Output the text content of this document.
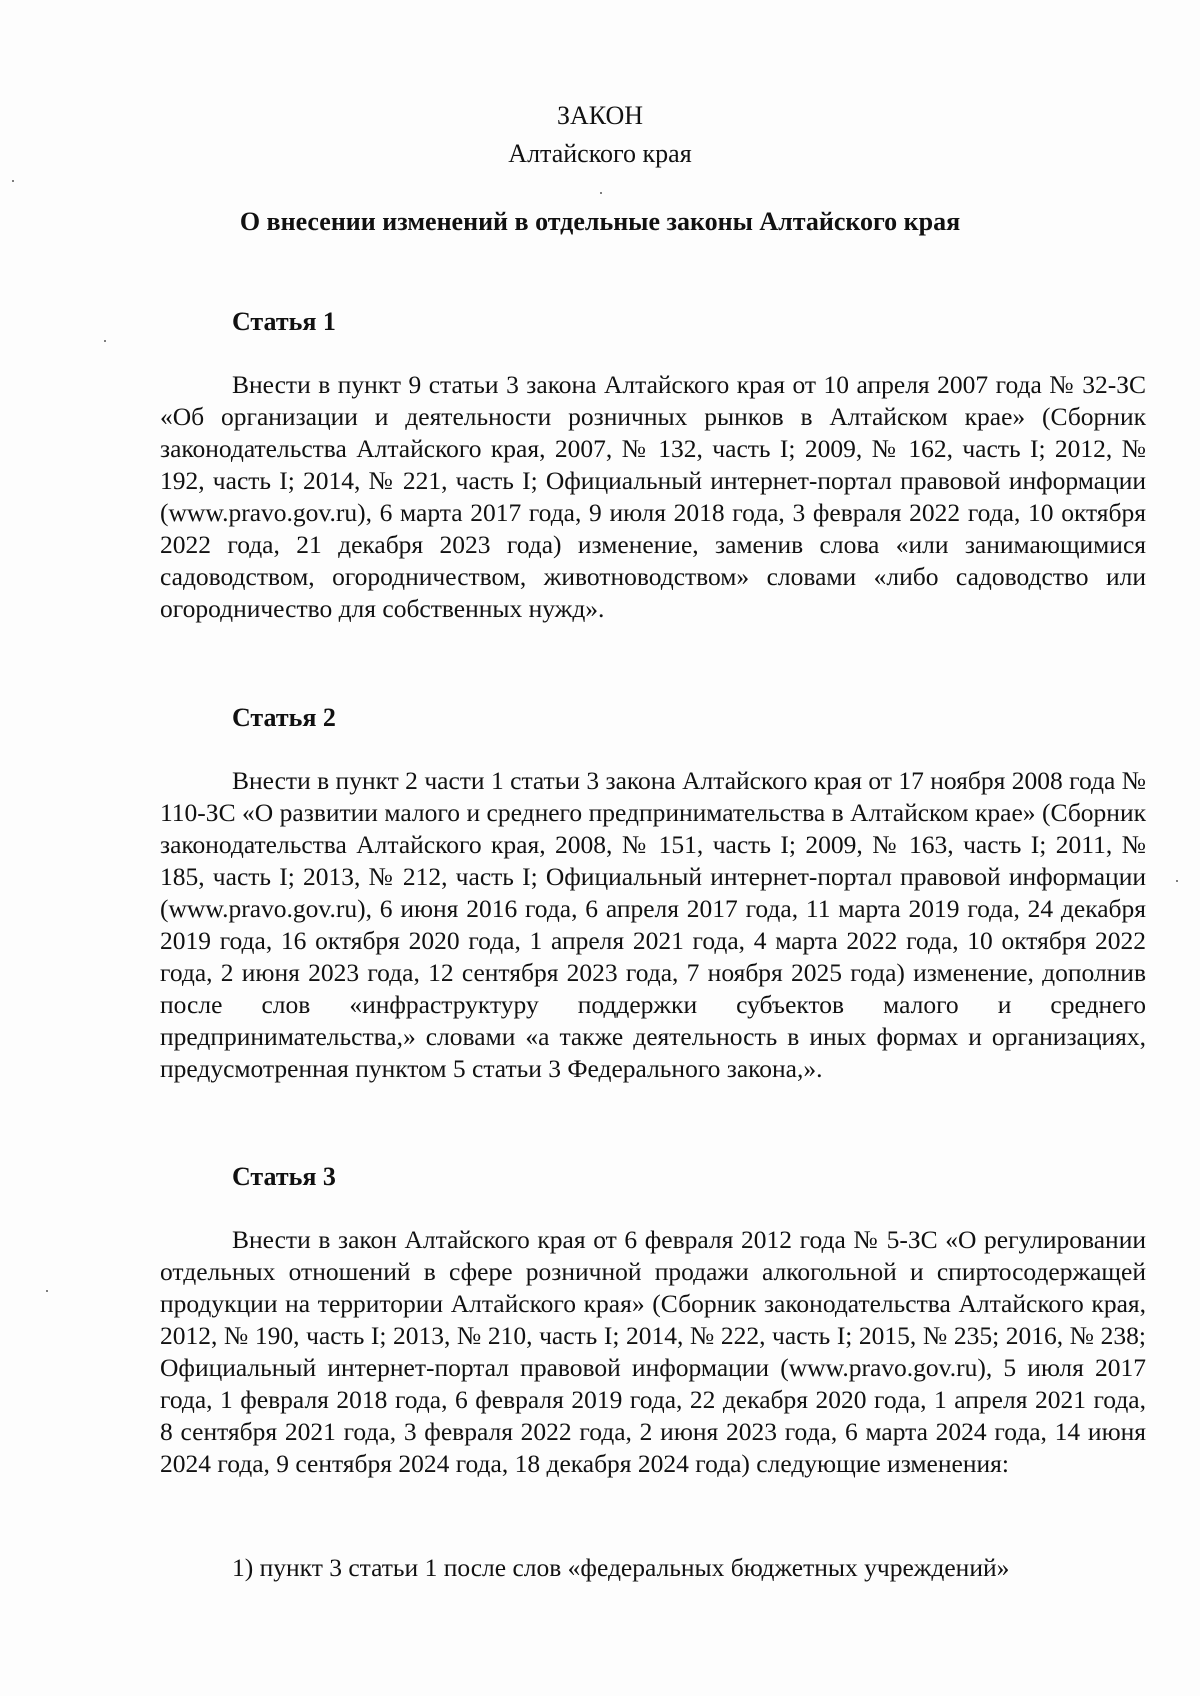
ЗАКОН
Алтайского края
О внесении изменений в отдельные законы Алтайского края
Статья 1

Внести в пункт 9 статьи 3 закона Алтайского края от 10 апреля 2007 года № 32-ЗС «Об организации и деятельности розничных рынков в Алтайском крае» (Сборник законодательства Алтайского края, 2007, № 132, часть I; 2009, № 162, часть I; 2012, № 192, часть I; 2014, № 221, часть I; Официальный интернет-портал правовой информации (www.pravo.gov.ru), 6 марта 2017 года, 9 июля 2018 года, 3 февраля 2022 года, 10 октября 2022 года, 21 декабря 2023 года) изменение, заменив слова «или занимающимися садоводством, огородничеством, животноводством» словами «либо садоводство или огородничество для собственных нужд».

Статья 2

Внести в пункт 2 части 1 статьи 3 закона Алтайского края от 17 ноября 2008 года № 110-ЗС «О развитии малого и среднего предпринимательства в Алтайском крае» (Сборник законодательства Алтайского края, 2008, № 151, часть I; 2009, № 163, часть I; 2011, № 185, часть I; 2013, № 212, часть I; Официальный интернет-портал правовой информации (www.pravo.gov.ru), 6 июня 2016 года, 6 апреля 2017 года, 11 марта 2019 года, 24 декабря 2019 года, 16 октября 2020 года, 1 апреля 2021 года, 4 марта 2022 года, 10 октября 2022 года, 2 июня 2023 года, 12 сентября 2023 года, 7 ноября 2025 года) изменение, дополнив после слов «инфраструктуру поддержки субъектов малого и среднего предпринимательства,» словами «а также деятельность в иных формах и организациях, предусмотренная пунктом 5 статьи 3 Федерального закона,».

Статья 3

Внести в закон Алтайского края от 6 февраля 2012 года № 5-ЗС «О регулировании отдельных отношений в сфере розничной продажи алкогольной и спиртосодержащей продукции на территории Алтайского края» (Сборник законодательства Алтайского края, 2012, № 190, часть I; 2013, № 210, часть I; 2014, № 222, часть I; 2015, № 235; 2016, № 238; Официальный интернет-портал правовой информации (www.pravo.gov.ru), 5 июля 2017 года, 1 февраля 2018 года, 6 февраля 2019 года, 22 декабря 2020 года, 1 апреля 2021 года, 8 сентября 2021 года, 3 февраля 2022 года, 2 июня 2023 года, 6 марта 2024 года, 14 июня 2024 года, 9 сентября 2024 года, 18 декабря 2024 года) следующие изменения:

1) пункт 3 статьи 1 после слов «федеральных бюджетных учреждений»
